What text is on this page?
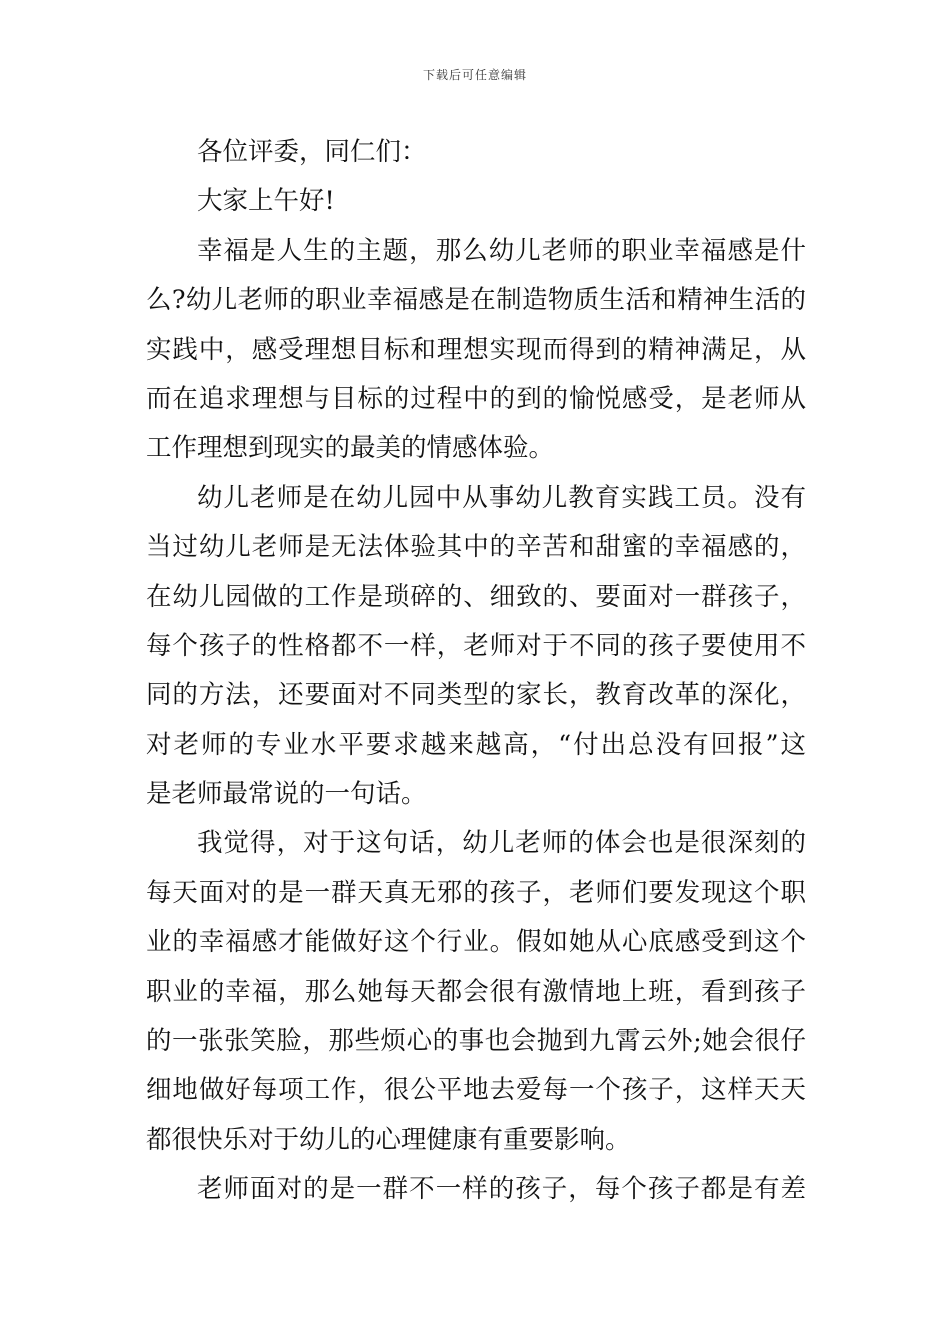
下载后可任意编辑
各位评委，同仁们：
大家上午好!
幸福是人生的主题，那么幼儿老师的职业幸福感是什
么?幼儿老师的职业幸福感是在制造物质生活和精神生活的
实践中，感受理想目标和理想实现而得到的精神满足，从
而在追求理想与目标的过程中的到的愉悦感受，是老师从
工作理想到现实的最美的情感体验。
幼儿老师是在幼儿园中从事幼儿教育实践工员。没有
当过幼儿老师是无法体验其中的辛苦和甜蜜的幸福感的，
在幼儿园做的工作是琐碎的、细致的、要面对一群孩子，
每个孩子的性格都不一样，老师对于不同的孩子要使用不
同的方法，还要面对不同类型的家长，教育改革的深化，
对老师的专业水平要求越来越高，“付出总没有回报”这
是老师最常说的一句话。
我觉得，对于这句话，幼儿老师的体会也是很深刻的
每天面对的是一群天真无邪的孩子，老师们要发现这个职
业的幸福感才能做好这个行业。假如她从心底感受到这个
职业的幸福，那么她每天都会很有激情地上班，看到孩子
的一张张笑脸，那些烦心的事也会抛到九霄云外;她会很仔
细地做好每项工作，很公平地去爱每一个孩子，这样天天
都很快乐对于幼儿的心理健康有重要影响。
老师面对的是一群不一样的孩子，每个孩子都是有差
